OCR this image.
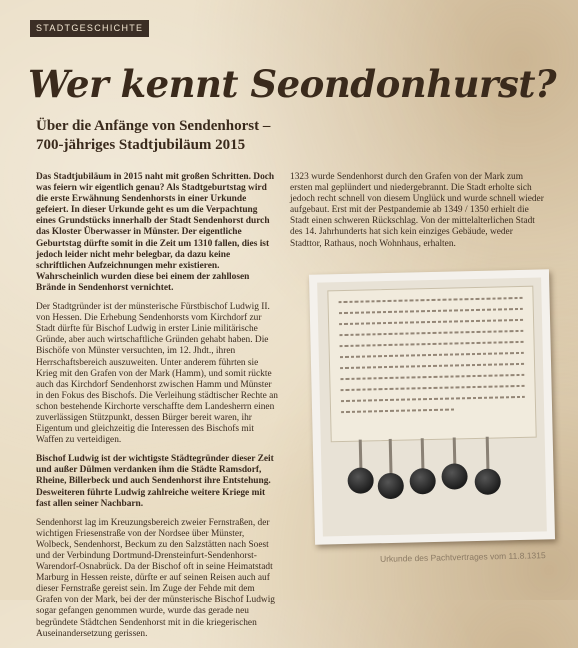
STADTGESCHICHTE
Wer kennt Seondonhurst?
Über die Anfänge von Sendenhorst – 700-jähriges Stadtjubiläum 2015

Das Stadtjubiläum in 2015 naht mit großen Schritten. Doch was feiern wir eigentlich genau? Als Stadtgeburtstag wird die erste Erwähnung Sendenhorsts in einer Urkunde gefeiert. In dieser Urkunde geht es um die Verpachtung eines Grundstücks innerhalb der Stadt Sendenhorst durch das Kloster Überwasser in Münster. Der eigentliche Geburtstag dürfte somit in die Zeit um 1310 fallen, dies ist jedoch leider nicht mehr belegbar, da dazu keine schriftlichen Aufzeichnungen mehr existieren. Wahrscheinlich wurden diese bei einem der zahllosen Brände in Sendenhorst vernichtet.

Der Stadtgründer ist der münsterische Fürstbischof Ludwig II. von Hessen. Die Erhebung Sendenhorsts vom Kirchdorf zur Stadt dürfte für Bischof Ludwig in erster Linie militärische Gründe, aber auch wirtschaftliche Gründen gehabt haben. Die Bischöfe von Münster versuchten, im 12. Jhdt., ihren Herrschaftsbereich auszuweiten. Unter anderem führten sie Krieg mit den Grafen von der Mark (Hamm), und somit rückte auch das Kirchdorf Sendenhorst zwischen Hamm und Münster in den Fokus des Bischofs. Die Verleihung städtischer Rechte an schon bestehende Kirchorte verschaffte dem Landesherrn einen zuverlässigen Stützpunkt, dessen Bürger bereit waren, ihr Eigentum und gleichzeitig die Interessen des Bischofs mit Waffen zu verteidigen.

Bischof Ludwig ist der wichtigste Städtegründer dieser Zeit und außer Dülmen verdanken ihm die Städte Ramsdorf, Rheine, Billerbeck und auch Sendenhorst ihre Entstehung. Desweiteren führte Ludwig zahlreiche weitere Kriege mit fast allen seiner Nachbarn.

Sendenhorst lag im Kreuzungsbereich zweier Fernstraßen, der wichtigen Friesenstraße von der Nordsee über Münster, Wolbeck, Sendenhorst, Beckum zu den Salzstätten nach Soest und der Verbindung Dortmund-Drensteinfurt-Sendenhorst-Warendorf-Osnabrück. Da der Bischof oft in seine Heimatstadt Marburg in Hessen reiste, dürfte er auf seinen Reisen auch auf dieser Fernstraße gereist sein. Im Zuge der Fehde mit dem Grafen von der Mark, bei der der münsterische Bischof Ludwig sogar gefangen genommen wurde, wurde das gerade neu begründete Städtchen Sendenhorst mit in die kriegerischen Auseinandersetzung gerissen.

1323 wurde Sendenhorst durch den Grafen von der Mark zum ersten mal geplündert und niedergebrannt. Die Stadt erholte sich jedoch recht schnell von diesem Unglück und wurde schnell wieder aufgebaut. Erst mit der Pestpandemie ab 1349 / 1350 erhielt die Stadt einen schweren Rückschlag. Von der mittelalterlichen Stadt des 14. Jahrhunderts hat sich kein einziges Gebäude, weder Stadttor, Rathaus, noch Wohnhaus, erhalten.

Urkunde des Pachtvertrages vom 11.8.1315
